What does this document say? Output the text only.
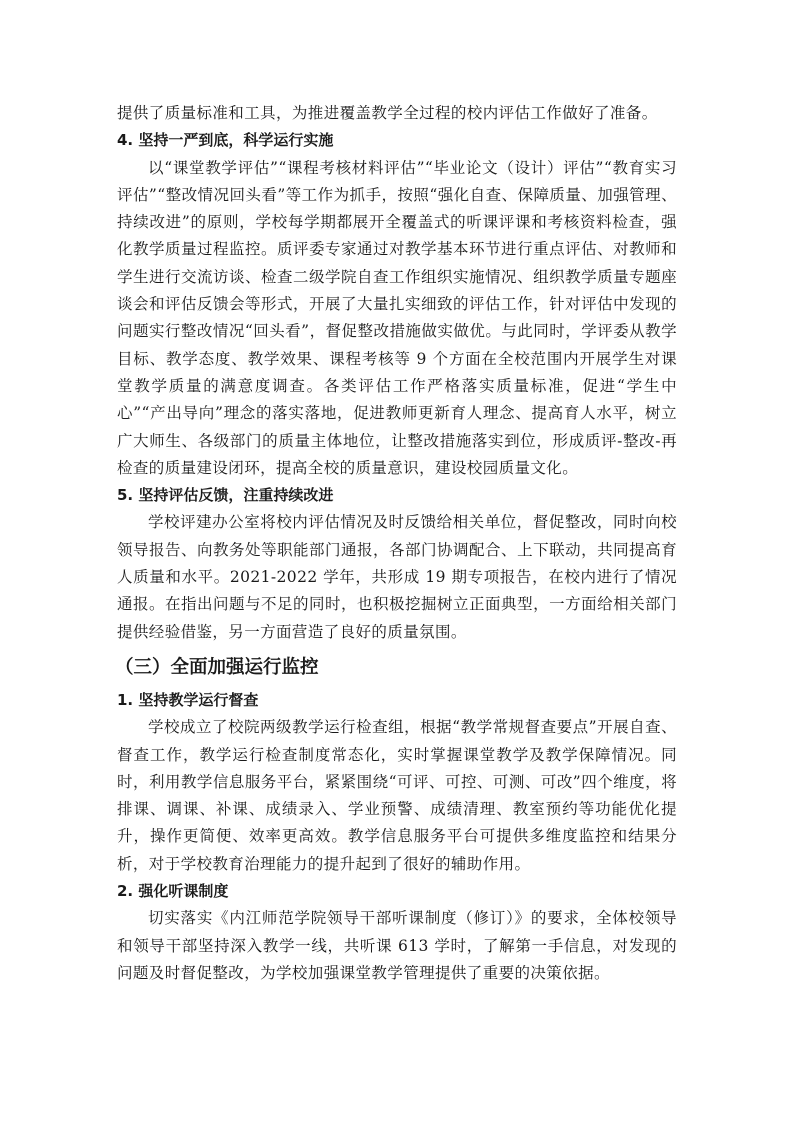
提供了质量标准和工具，为推进覆盖教学全过程的校内评估工作做好了准备。

4. 坚持一严到底，科学运行实施

以“课堂教学评估”“课程考核材料评估”“毕业论文（设计）评估”“教育实习评估”“整改情况回头看”等工作为抓手，按照“强化自查、保障质量、加强管理、持续改进”的原则，学校每学期都展开全覆盖式的听课评课和考核资料检查，强化教学质量过程监控。质评委专家通过对教学基本环节进行重点评估、对教师和学生进行交流访谈、检查二级学院自查工作组织实施情况、组织教学质量专题座谈会和评估反馈会等形式，开展了大量扎实细致的评估工作，针对评估中发现的问题实行整改情况“回头看”，督促整改措施做实做优。与此同时，学评委从教学目标、教学态度、教学效果、课程考核等 9 个方面在全校范围内开展学生对课堂教学质量的满意度调查。各类评估工作严格落实质量标准，促进“学生中心”“产出导向”理念的落实落地，促进教师更新育人理念、提高育人水平，树立广大师生、各级部门的质量主体地位，让整改措施落实到位，形成质评-整改-再检查的质量建设闭环，提高全校的质量意识，建设校园质量文化。

5. 坚持评估反馈，注重持续改进

学校评建办公室将校内评估情况及时反馈给相关单位，督促整改，同时向校领导报告、向教务处等职能部门通报，各部门协调配合、上下联动，共同提高育人质量和水平。2021-2022 学年，共形成 19 期专项报告，在校内进行了情况通报。在指出问题与不足的同时，也积极挖掘树立正面典型，一方面给相关部门提供经验借鉴，另一方面营造了良好的质量氛围。

（三）全面加强运行监控
1. 坚持教学运行督查

学校成立了校院两级教学运行检查组，根据“教学常规督查要点”开展自查、督查工作，教学运行检查制度常态化，实时掌握课堂教学及教学保障情况。同时，利用教学信息服务平台，紧紧围绕“可评、可控、可测、可改”四个维度，将排课、调课、补课、成绩录入、学业预警、成绩清理、教室预约等功能优化提升，操作更简便、效率更高效。教学信息服务平台可提供多维度监控和结果分析，对于学校教育治理能力的提升起到了很好的辅助作用。

2. 强化听课制度

切实落实《内江师范学院领导干部听课制度（修订）》的要求，全体校领导和领导干部坚持深入教学一线，共听课 613 学时，了解第一手信息，对发现的问题及时督促整改，为学校加强课堂教学管理提供了重要的决策依据。
